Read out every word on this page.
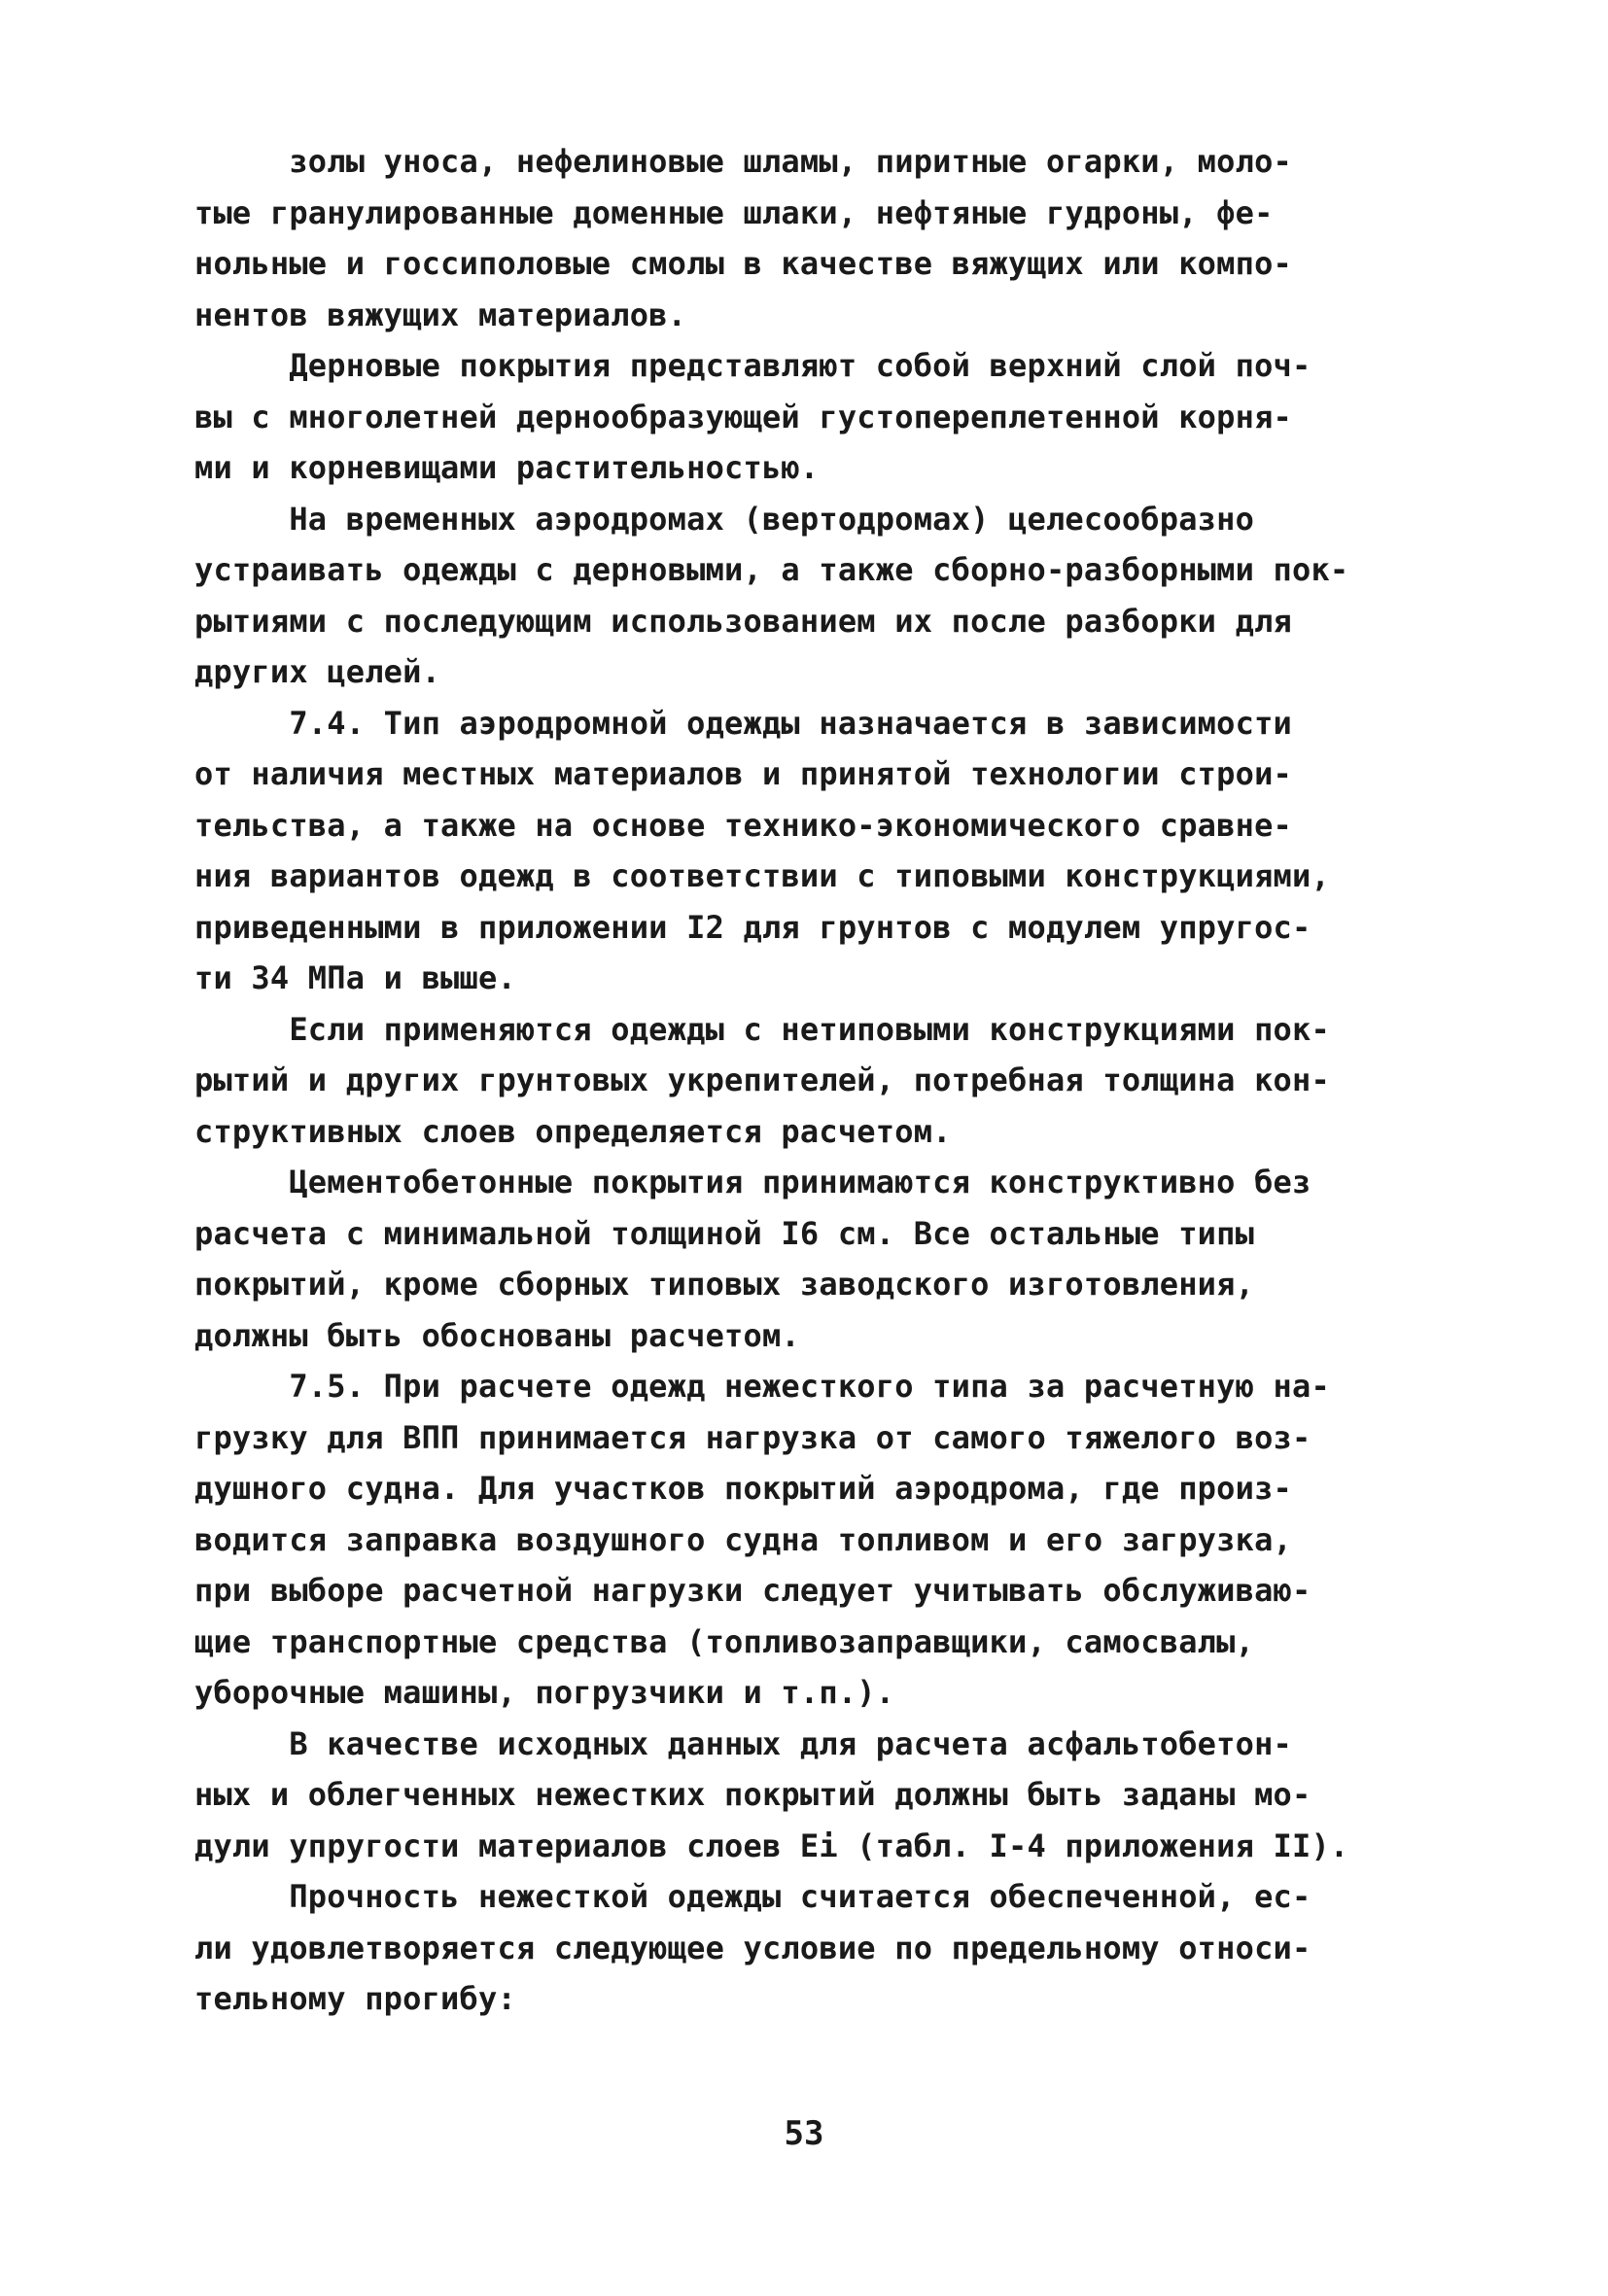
золы уноса, нефелиновые шламы, пиритные огарки, моло-
тые гранулированные доменные шлаки, нефтяные гудроны, фе-
нольные и госсиполовые смолы в качестве вяжущих или компо-
нентов вяжущих материалов.
Дерновые покрытия представляют собой верхний слой поч-
вы с многолетней дернообразующей густопереплетенной корня-
ми и корневищами растительностью.
На временных аэродромах (вертодромах) целесообразно
устраивать одежды с дерновыми, а также сборно-разборными пок-
рытиями с последующим использованием их после разборки для
других целей.
7.4. Тип аэродромной одежды назначается в зависимости
от наличия местных материалов и принятой технологии строи-
тельства, а также на основе технико-экономического сравне-
ния вариантов одежд в соответствии с типовыми конструкциями,
приведенными в приложении I2 для грунтов с модулем упругос-
ти 34 МПа и выше.
Если применяются одежды с нетиповыми конструкциями пок-
рытий и других грунтовых укрепителей, потребная толщина кон-
структивных слоев определяется расчетом.
Цементобетонные покрытия принимаются конструктивно без
расчета с минимальной толщиной I6 см. Все остальные типы
покрытий, кроме сборных типовых заводского изготовления,
должны быть обоснованы расчетом.
7.5. При расчете одежд нежесткого типа за расчетную на-
грузку для ВПП принимается нагрузка от самого тяжелого воз-
душного судна. Для участков покрытий аэродрома, где произ-
водится заправка воздушного судна топливом и его загрузка,
при выборе расчетной нагрузки следует учитывать обслуживаю-
щие транспортные средства (топливозаправщики, самосвалы,
уборочные машины, погрузчики и т.п.).
В качестве исходных данных для расчета асфальтобетон-
ных и облегченных нежестких покрытий должны быть заданы мо-
дули упругости материалов слоев Ei (табл. I-4 приложения II).
Прочность нежесткой одежды считается обеспеченной, ес-
ли удовлетворяется следующее условие по предельному относи-
тельному прогибу:
53
